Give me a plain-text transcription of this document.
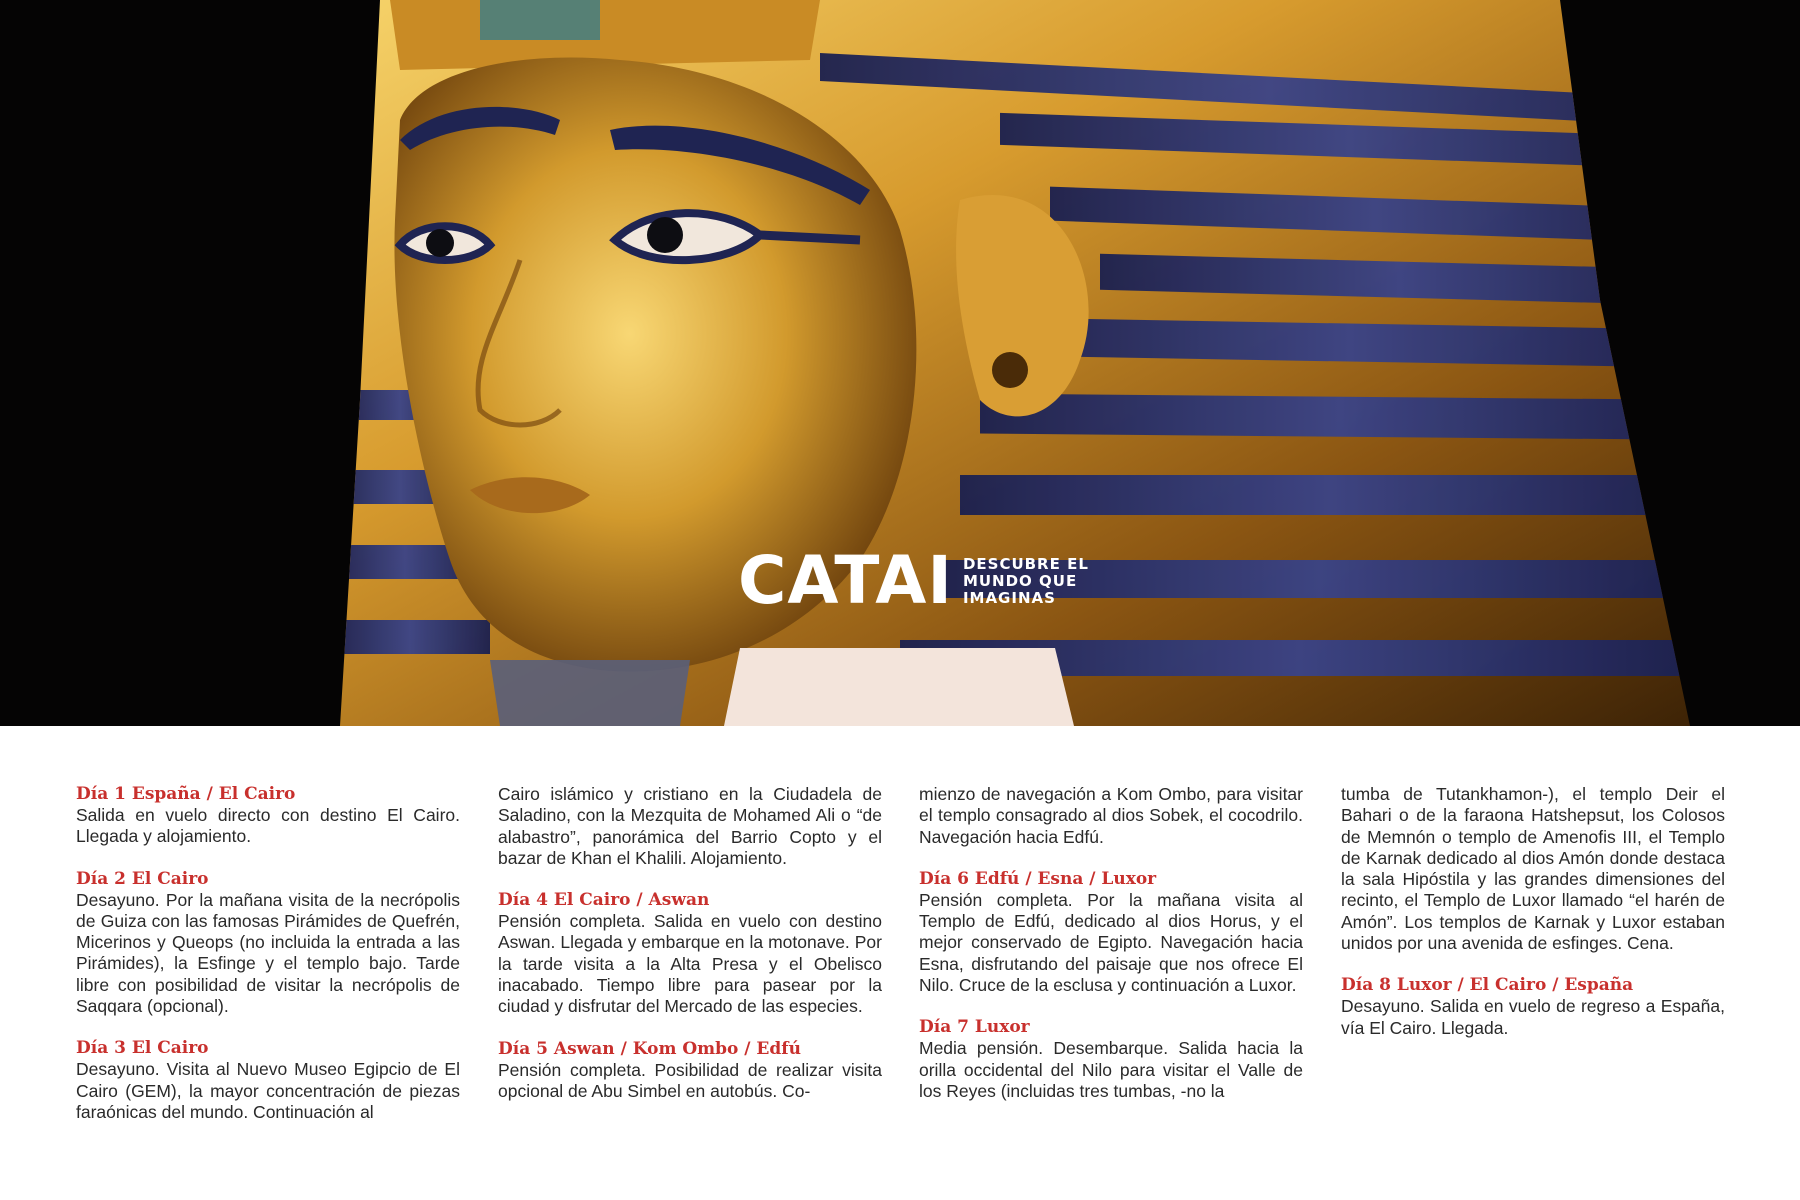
CATAI DESCUBRE EL
MUNDO QUE
IMAGINAS
Día 1 España / El Cairo
Salida en vuelo directo con destino El Cairo. Llegada y alojamiento.
Día 2 El Cairo
Desayuno. Por la mañana visita de la necrópolis de Guiza con las famosas Pirámides de Quefrén, Micerinos y Queops (no incluida la entrada a las Pirámides), la Esfinge y el templo bajo. Tarde libre con posibilidad de visitar la necrópolis de Saqqara (opcional).
Día 3 El Cairo
Desayuno. Visita al Nuevo Museo Egipcio de El Cairo (GEM), la mayor concentración de piezas faraónicas del mundo. Continuación al
Cairo islámico y cristiano en la Ciudadela de Saladino, con la Mezquita de Mohamed Ali o “de alabastro”, panorámica del Barrio Copto y el bazar de Khan el Khalili. Alojamiento.
Día 4 El Cairo / Aswan
Pensión completa. Salida en vuelo con destino Aswan. Llegada y embarque en la motonave. Por la tarde visita a la Alta Presa y el Obelisco inacabado. Tiempo libre para pasear por la ciudad y disfrutar del Mercado de las especies.
Día 5 Aswan / Kom Ombo / Edfú
Pensión completa. Posibilidad de realizar visita opcional de Abu Simbel en autobús. Co-
mienzo de navegación a Kom Ombo, para visitar el templo consagrado al dios Sobek, el cocodrilo. Navegación hacia Edfú.
Día 6 Edfú / Esna / Luxor
Pensión completa. Por la mañana visita al Templo de Edfú, dedicado al dios Horus, y el mejor conservado de Egipto. Navegación hacia Esna, disfrutando del paisaje que nos ofrece El Nilo. Cruce de la esclusa y continuación a Luxor.
Día 7 Luxor
Media pensión. Desembarque. Salida hacia la orilla occidental del Nilo para visitar el Valle de los Reyes (incluidas tres tumbas, -no la
tumba de Tutankhamon-), el templo Deir el Bahari o de la faraona Hatshepsut, los Colosos de Memnón o templo de Amenofis III, el Templo de Karnak dedicado al dios Amón donde destaca la sala Hipóstila y las grandes dimensiones del recinto, el Templo de Luxor llamado “el harén de Amón”. Los templos de Karnak y Luxor estaban unidos por una avenida de esfinges. Cena.
Día 8 Luxor / El Cairo / España
Desayuno. Salida en vuelo de regreso a España, vía El Cairo. Llegada.
